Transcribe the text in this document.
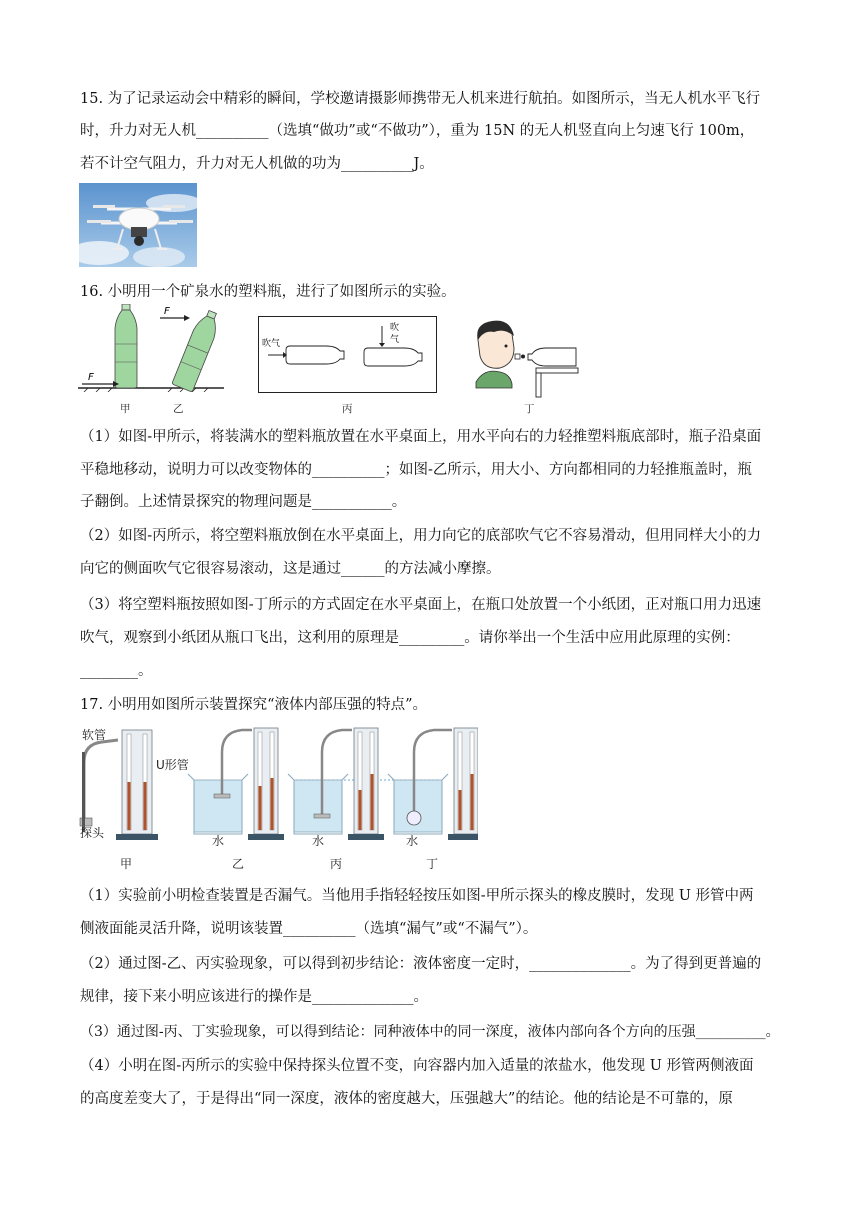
15. 为了记录运动会中精彩的瞬间，学校邀请摄影师携带无人机来进行航拍。如图所示，当无人机水平飞行
时，升力对无人机__________（选填“做功”或“不做功”），重为 15N 的无人机竖直向上匀速飞行 100m，
若不计空气阻力，升力对无人机做的功为__________J。
16. 小明用一个矿泉水的塑料瓶，进行了如图所示的实验。
F
F
甲	乙
吹气
吹
气
丙	丁
（1）如图-甲所示，将装满水的塑料瓶放置在水平桌面上，用水平向右的力轻推塑料瓶底部时，瓶子沿桌面
平稳地移动，说明力可以改变物体的__________；如图-乙所示，用大小、方向都相同的力轻推瓶盖时，瓶
子翻倒。上述情景探究的物理问题是___________。
（2）如图-丙所示，将空塑料瓶放倒在水平桌面上，用力向它的底部吹气它不容易滑动，但用同样大小的力
向它的侧面吹气它很容易滚动，这是通过______的方法减小摩擦。
（3）将空塑料瓶按照如图-丁所示的方式固定在水平桌面上，在瓶口处放置一个小纸团，正对瓶口用力迅速
吹气，观察到小纸团从瓶口飞出，这利用的原理是_________。请你举出一个生活中应用此原理的实例：
________。
17. 小明用如图所示装置探究“液体内部压强的特点”。
软管
U形管
探头
水	水	水
甲	乙	丙	丁
（1）实验前小明检查装置是否漏气。当他用手指轻轻按压如图-甲所示探头的橡皮膜时，发现 U 形管中两
侧液面能灵活升降，说明该装置__________（选填“漏气”或“不漏气”）。
（2）通过图-乙、丙实验现象，可以得到初步结论：液体密度一定时，______________。为了得到更普遍的
规律，接下来小明应该进行的操作是______________。
（3）通过图-丙、丁实验现象，可以得到结论：同种液体中的同一深度，液体内部向各个方向的压强__________。
（4）小明在图-丙所示的实验中保持探头位置不变，向容器内加入适量的浓盐水，他发现 U 形管两侧液面
的高度差变大了，于是得出“同一深度，液体的密度越大，压强越大”的结论。他的结论是不可靠的，原
